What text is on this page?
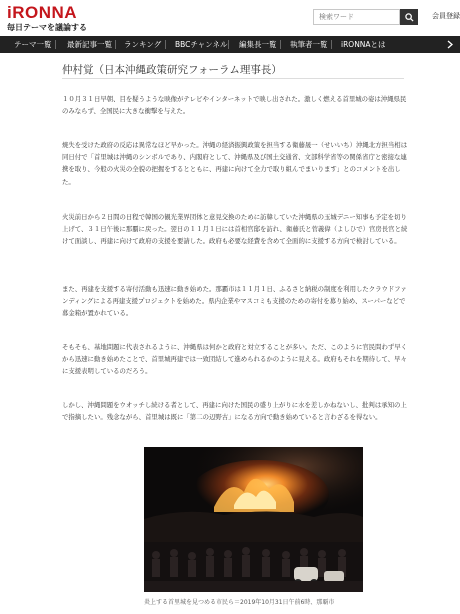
iRONNA
毎日テーマを議論する
検索ワード
会員登録
テーマ一覧 最新記事一覧 ランキング BBCチャンネル 編集長一覧 執筆者一覧 iRONNAとは
仲村覚（日本沖縄政策研究フォーラム理事長）

１０月３１日早朝、目を疑うような映像がテレビやインターネットで映し出された。激しく燃える首里城の姿は沖縄県民のみならず、全国民に大きな衝撃を与えた。

焼失を受けた政府の反応は異常なほど早かった。沖縄の経済振興政策を担当する衛藤晟一（せいいち）沖縄北方担当相は同日付で「首里城は沖縄のシンボルであり、内閣府として、沖縄県及び国土交通省、文部科学省等の関係省庁と密接な連携を取り、今般の火災の全貌の把握をするとともに、再建に向けて全力で取り組んでまいります」とのコメントを出した。

火災前日から２日間の日程で韓国の観光業界団体と意見交換のために訪韓していた沖縄県の玉城デニー知事も予定を切り上げて、３１日午後に那覇に戻った。翌日の１１月１日には首相官邸を訪れ、衛藤氏と菅義偉（よしひで）官房長官と続けて面談し、再建に向けて政府の支援を要請した。政府も必要な経費を含めて全面的に支援する方向で検討している。

また、再建を支援する寄付活動も迅速に動き始めた。那覇市は１１月１日、ふるさと納税の制度を利用したクラウドファンディングによる再建支援プロジェクトを始めた。県内企業やマスコミも支援のための寄付を募り始め、スーパーなどで募金箱が置かれている。

そもそも、基地問題に代表されるように、沖縄県は何かと政府と対立することが多い。ただ、このように官民問わず早くから迅速に動き始めたことで、首里城再建では一致団結して進められるかのように見える。政府もそれを期待して、早々に支援表明しているのだろう。

しかし、沖縄問題をウオッチし続ける者として、再建に向けた国民の盛り上がりに水を差しかねないし、批判は承知の上で指摘したい。残念ながら、首里城は既に「第二の辺野古」になる方向で動き始めていると言わざるを得ない。

炎上する首里城を見つめる市民ら＝2019年10月31日午前6時、那覇市
